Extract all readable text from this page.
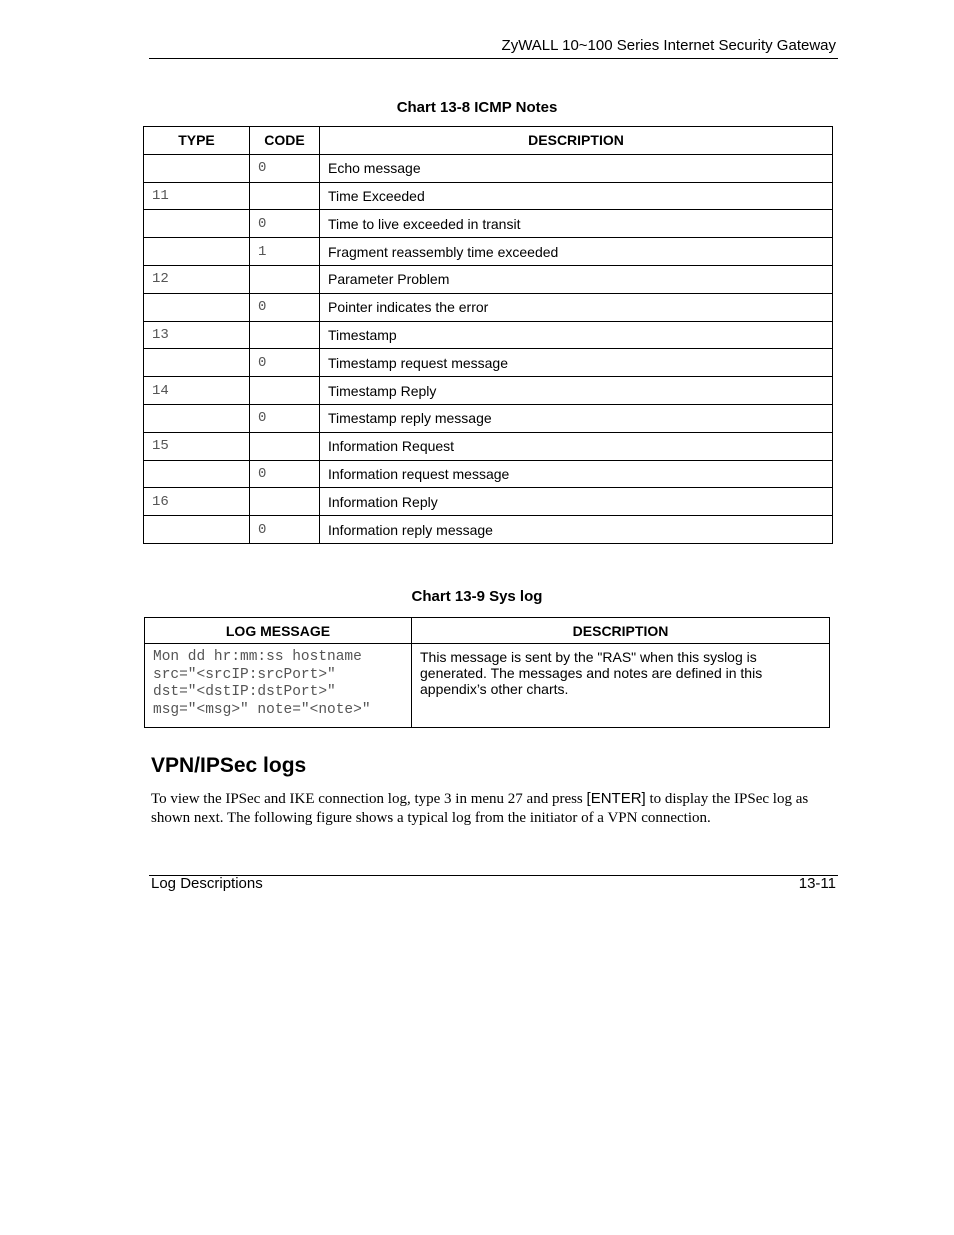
ZyWALL 10~100 Series Internet Security Gateway
Chart 13-8 ICMP Notes
TYPE	CODE	DESCRIPTION
	0	Echo message
11		Time Exceeded
	0	Time to live exceeded in transit
	1	Fragment reassembly time exceeded
12		Parameter Problem
	0	Pointer indicates the error
13		Timestamp
	0	Timestamp request message
14		Timestamp Reply
	0	Timestamp reply message
15		Information Request
	0	Information request message
16		Information Reply
	0	Information reply message
Chart 13-9 Sys log
LOG MESSAGE	DESCRIPTION

Mon dd hr:mm:ss hostname
src="<srcIP:srcPort>"
dst="<dstIP:dstPort>"
msg="<msg>" note="<note>"	This message is sent by the "RAS" when this syslog is generated. The messages and notes are defined in this appendix’s other charts.
VPN/IPSec logs
To view the IPSec and IKE connection log, type 3 in menu 27 and press [ENTER] to display the IPSec log as shown next. The following figure shows a typical log from the initiator of a VPN connection.
Log Descriptions	13-11
